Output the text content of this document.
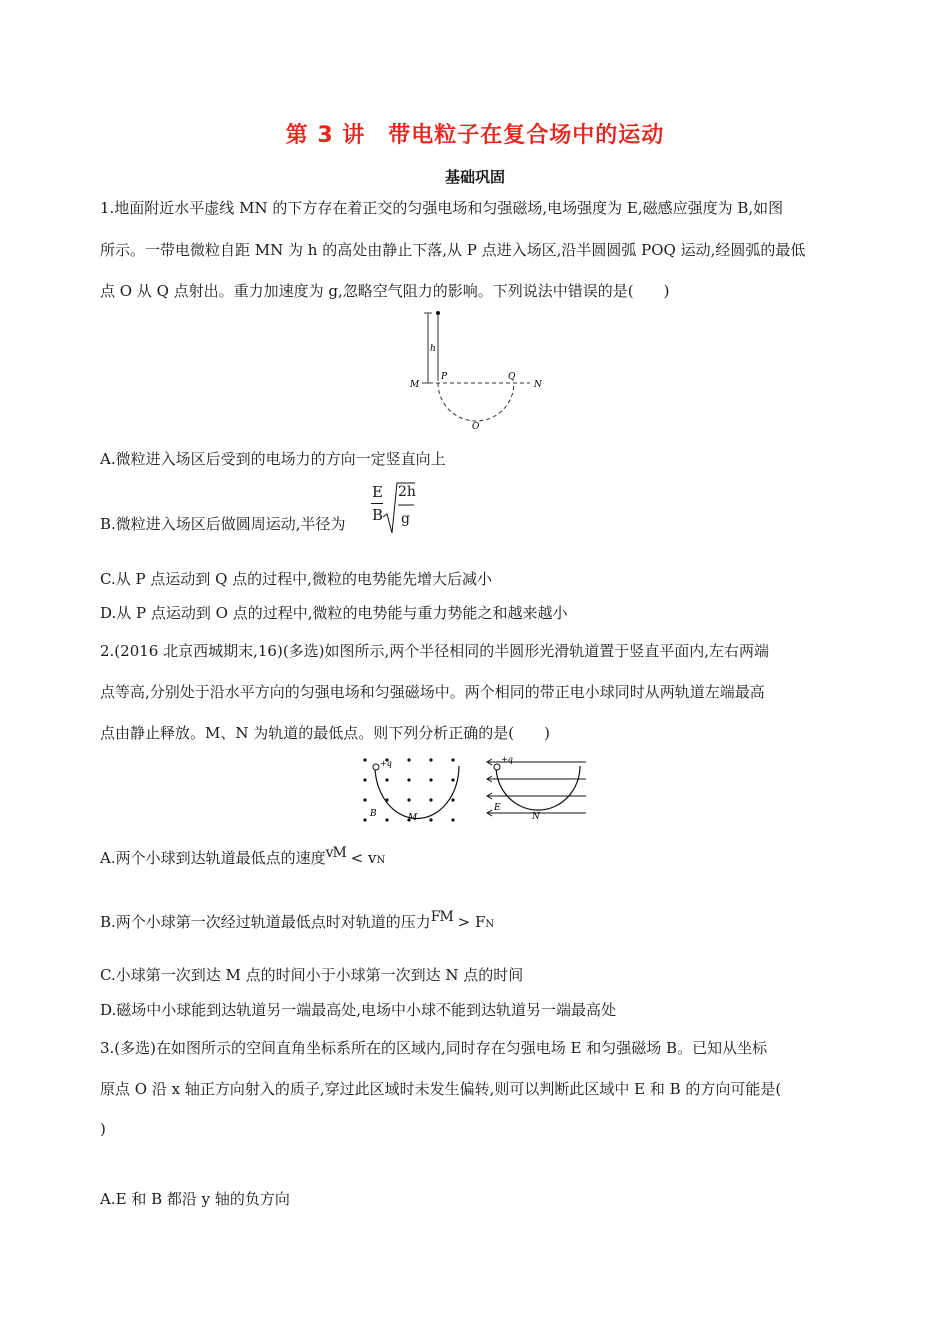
第 3 讲　带电粒子在复合场中的运动
基础巩固
1.地面附近水平虚线 MN 的下方存在着正交的匀强电场和匀强磁场,电场强度为 E,磁感应强度为 B,如图
所示。一带电微粒自距 MN 为 h 的高处由静止下落,从 P 点进入场区,沿半圆圆弧 POQ 运动,经圆弧的最低
点 O 从 Q 点射出。重力加速度为 g,忽略空气阻力的影响。下列说法中错误的是(　　)
h
M
P	Q
N
O
A.微粒进入场区后受到的电场力的方向一定竖直向上
B.微粒进入场区后做圆周运动,半径为
E
B
2h
g
C.从 P 点运动到 Q 点的过程中,微粒的电势能先增大后减小
D.从 P 点运动到 O 点的过程中,微粒的电势能与重力势能之和越来越小
2.(2016 北京西城期末,16)(多选)如图所示,两个半径相同的半圆形光滑轨道置于竖直平面内,左右两端
点等高,分别处于沿水平方向的匀强电场和匀强磁场中。两个相同的带正电小球同时从两轨道左端最高
点由静止释放。M、N 为轨道的最低点。则下列分析正确的是(　　)
+q
B	M
+q
E
N
A.两个小球到达轨道最低点的速度vM < vN
B.两个小球第一次经过轨道最低点时对轨道的压力FM > FN
C.小球第一次到达 M 点的时间小于小球第一次到达 N 点的时间
D.磁场中小球能到达轨道另一端最高处,电场中小球不能到达轨道另一端最高处
3.(多选)在如图所示的空间直角坐标系所在的区域内,同时存在匀强电场 E 和匀强磁场 B。已知从坐标
原点 O 沿 x 轴正方向射入的质子,穿过此区域时未发生偏转,则可以判断此区域中 E 和 B 的方向可能是(
)
A.E 和 B 都沿 y 轴的负方向
